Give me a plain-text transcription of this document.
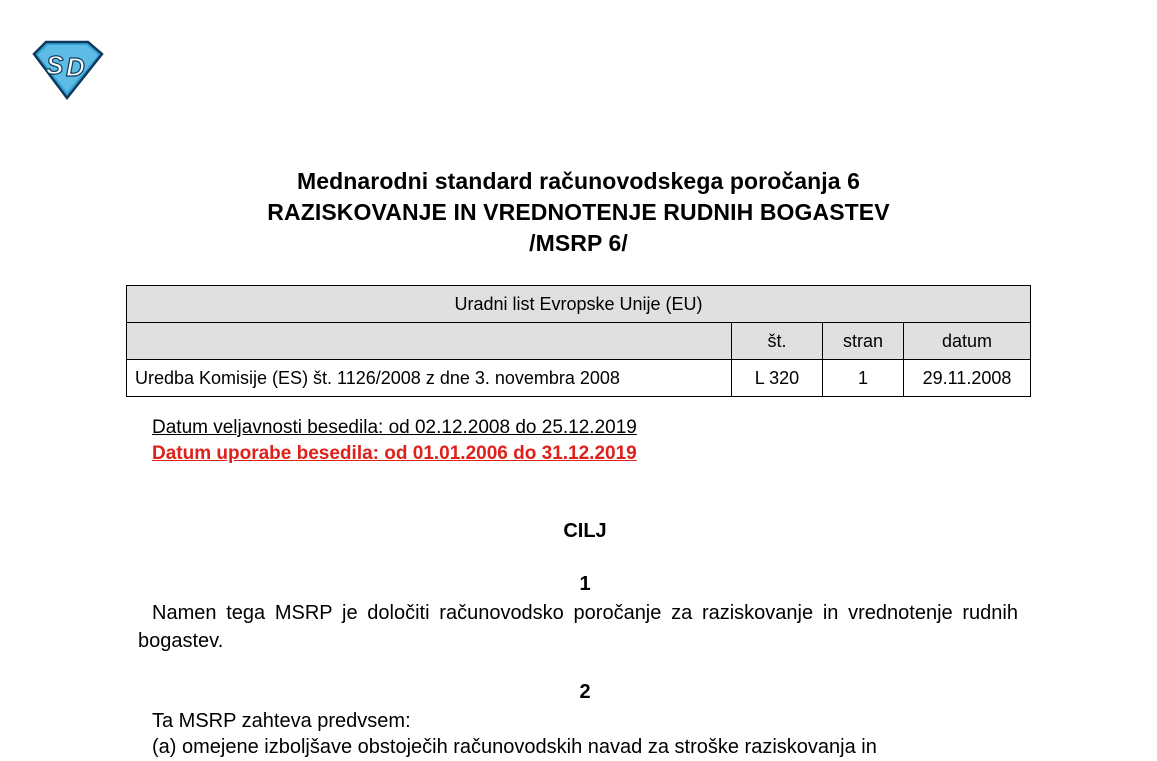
S D
Mednarodni standard računovodskega poročanja 6
RAZISKOVANJE IN VREDNOTENJE RUDNIH BOGASTEV
/MSRP 6/
Uradni list Evropske Unije (EU)			
	št.	stran	datum
Uredba Komisije (ES) št. 1126/2008 z dne 3. novembra 2008	L 320	1	29.11.2008
Datum veljavnosti besedila: od 02.12.2008 do 25.12.2019
Datum uporabe besedila: od 01.01.2006 do 31.12.2019
CILJ
1
Namen tega MSRP je določiti računovodsko poročanje za raziskovanje in vrednotenje rudnih bogastev.
2
Ta MSRP zahteva predvsem:
(a) omejene izboljšave obstoječih računovodskih navad za stroške raziskovanja in
